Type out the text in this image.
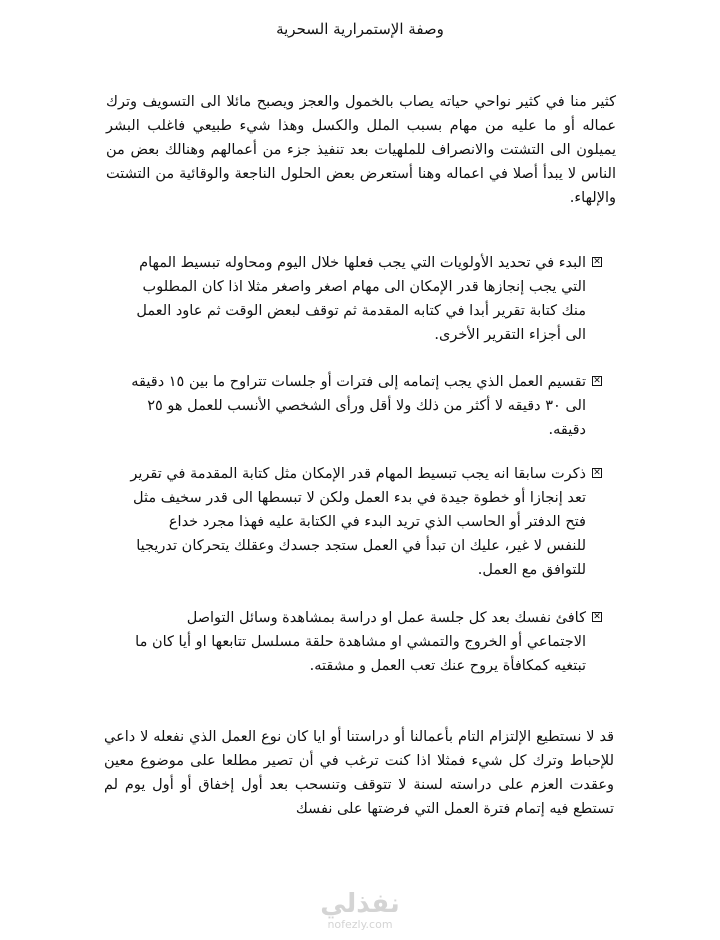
وصفة الإستمرارية السحرية
كثير منا في كثير نواحي حياته يصاب بالخمول والعجز ويصبح مائلا الى التسويف وترك عماله أو ما عليه من مهام بسبب الملل والكسل وهذا شيء طبيعي فاغلب البشر يميلون الى التشتت والانصراف للملهيات بعد تنفيذ جزء من أعمالهم وهنالك بعض من الناس لا يبدأ أصلا في اعماله وهنا أستعرض بعض الحلول الناجعة والوقائية من التشتت والإلهاء.
✕
البدء في تحديد الأولويات التي يجب فعلها خلال اليوم ومحاوله تبسيط المهام التي يجب إنجازها قدر الإمكان الى مهام اصغر واصغر مثلا اذا كان المطلوب منك كتابة تقرير أبدا في كتابه المقدمة ثم توقف لبعض الوقت ثم عاود العمل الى أجزاء التقرير الأخرى.
✕
تقسيم العمل الذي يجب إتمامه إلى فترات أو جلسات تتراوح ما بين ١٥ دقيقه الى ٣٠ دقيقه لا أكثر من ذلك ولا أقل ورأى الشخصي الأنسب للعمل هو ٢٥ دقيقه.
✕
ذكرت سابقا انه يجب تبسيط المهام قدر الإمكان مثل كتابة المقدمة في تقرير تعد إنجازا أو خطوة جيدة في بدء العمل ولكن لا تبسطها الى قدر سخيف مثل فتح الدفتر أو الحاسب الذي تريد البدء في الكتابة عليه فهذا مجرد خداع للنفس لا غير، عليك ان تبدأ في العمل ستجد جسدك وعقلك يتحركان تدريجيا للتوافق مع العمل.
✕
كافئ نفسك بعد كل جلسة عمل او دراسة بمشاهدة وسائل التواصل الاجتماعي أو الخروج والتمشي او مشاهدة حلقة مسلسل تتابعها او أيا كان ما تبتغيه كمكافأة يروح عنك تعب العمل و مشقته.
قد لا نستطيع الإلتزام التام بأعمالنا أو دراستنا أو ايا كان نوع العمل الذي نفعله لا داعي للإحباط وترك كل شيء فمثلا اذا كنت ترغب في أن تصير مطلعا على موضوع معين وعقدت العزم على دراسته لسنة لا تتوقف وتنسحب بعد أول إخفاق أو أول يوم لم تستطع فيه إتمام فترة العمل التي فرضتها على نفسك
نفذلي
nofezly.com
